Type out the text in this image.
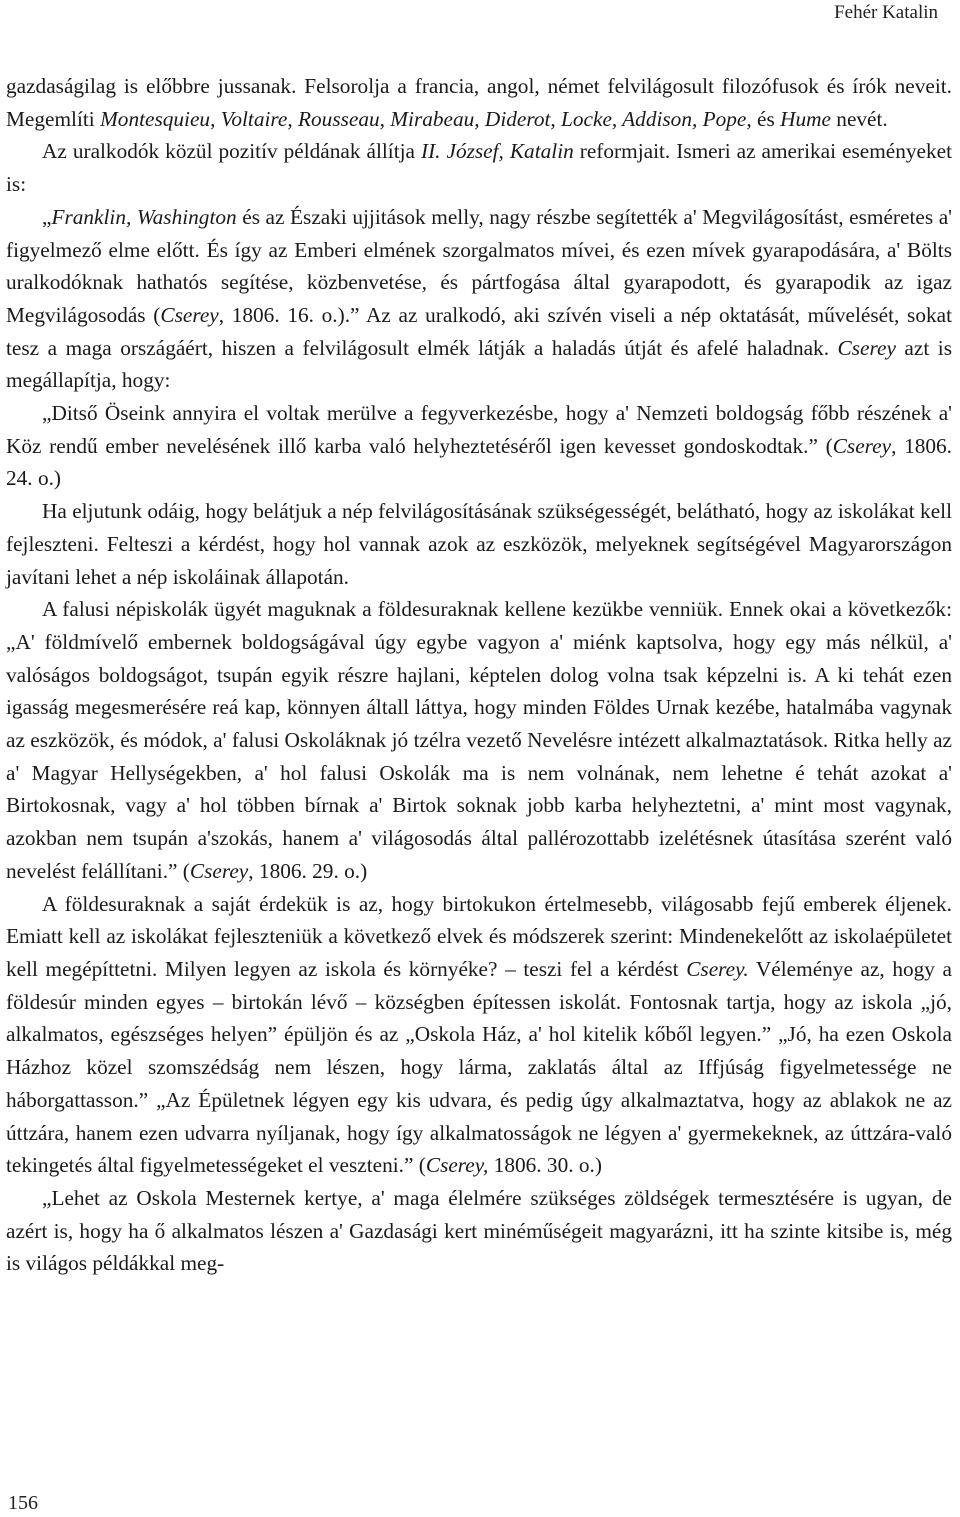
Fehér Katalin

gazdaságilag is előbbre jussanak. Felsorolja a francia, angol, német felvilágosult filozófusok és írók neveit. Megemlíti Montesquieu, Voltaire, Rousseau, Mirabeau, Diderot, Locke, Addison, Pope, és Hume nevét.

Az uralkodók közül pozitív példának állítja II. József, Katalin reformjait. Ismeri az amerikai eseményeket is:

„Franklin, Washington és az Északi ujjitások melly, nagy részbe segítették a' Megvilágosítást, esméretes a' figyelmező elme előtt. És így az Emberi elmének szorgalmatos mívei, és ezen mívek gyarapodására, a' Bölts uralkodóknak hathatós segítése, közbenvetése, és pártfogása által gyarapodott, és gyarapodik az igaz Megvilágosodás (Cserey, 1806. 16. o.).” Az az uralkodó, aki szívén viseli a nép oktatását, művelését, sokat tesz a maga országáért, hiszen a felvilágosult elmék látják a haladás útját és afelé haladnak. Cserey azt is megállapítja, hogy:

„Ditső Öseink annyira el voltak merülve a fegyverkezésbe, hogy a' Nemzeti boldogság főbb részének a' Köz rendű ember nevelésének illő karba való helyheztetéséről igen kevesset gondoskodtak.” (Cserey, 1806. 24. o.)

Ha eljutunk odáig, hogy belátjuk a nép felvilágosításának szükségességét, belátható, hogy az iskolákat kell fejleszteni. Felteszi a kérdést, hogy hol vannak azok az eszközök, melyeknek segítségével Magyarországon javítani lehet a nép iskoláinak állapotán.

A falusi népiskolák ügyét maguknak a földesuraknak kellene kezükbe venniük. Ennek okai a következők: „A' földmívelő embernek boldogságával úgy egybe vagyon a' miénk kaptsolva, hogy egy más nélkül, a' valóságos boldogságot, tsupán egyik részre hajlani, képtelen dolog volna tsak képzelni is. A ki tehát ezen igasság megesmerésére reá kap, könnyen általl láttya, hogy minden Földes Urnak kezébe, hatalmába vagynak az eszközök, és módok, a' falusi Oskoláknak jó tzélra vezető Nevelésre intézett alkalmaztatások. Ritka helly az a' Magyar Hellységekben, a' hol falusi Oskolák ma is nem volnának, nem lehetne é tehát azokat a' Birtokosnak, vagy a' hol többen bírnak a' Birtok soknak jobb karba helyheztetni, a' mint most vagynak, azokban nem tsupán a'szokás, hanem a' világosodás által pallérozottabb izelétésnek útasítása szerént való nevelést felállítani.” (Cserey, 1806. 29. o.)

A földesuraknak a saját érdekük is az, hogy birtokukon értelmesebb, világosabb fejű emberek éljenek. Emiatt kell az iskolákat fejleszteniük a következő elvek és módszerek szerint: Mindenekelőtt az iskolaépületet kell megépíttetni. Milyen legyen az iskola és környéke? – teszi fel a kérdést Cserey. Véleménye az, hogy a földesúr minden egyes – birtokán lévő – községben építessen iskolát. Fontosnak tartja, hogy az iskola „jó, alkalmatos, egészséges helyen” épüljön és az „Oskola Ház, a' hol kitelik kőből legyen.” „Jó, ha ezen Oskola Házhoz közel szomszédság nem lészen, hogy lárma, zaklatás által az Iffjúság figyelmetessége ne háborgattasson.” „Az Épületnek légyen egy kis udvara, és pedig úgy alkalmaztatva, hogy az ablakok ne az úttzára, hanem ezen udvarra nyíljanak, hogy így alkalmatosságok ne légyen a' gyermekeknek, az úttzára-való tekingetés által figyelmetességeket el veszteni.” (Cserey, 1806. 30. o.)

„Lehet az Oskola Mesternek kertye, a' maga élelmére szükséges zöldségek termesztésére is ugyan, de azért is, hogy ha ő alkalmatos lészen a' Gazdasági kert minéműségeit magyarázni, itt ha szinte kitsibe is, még is világos példákkal meg-

156
